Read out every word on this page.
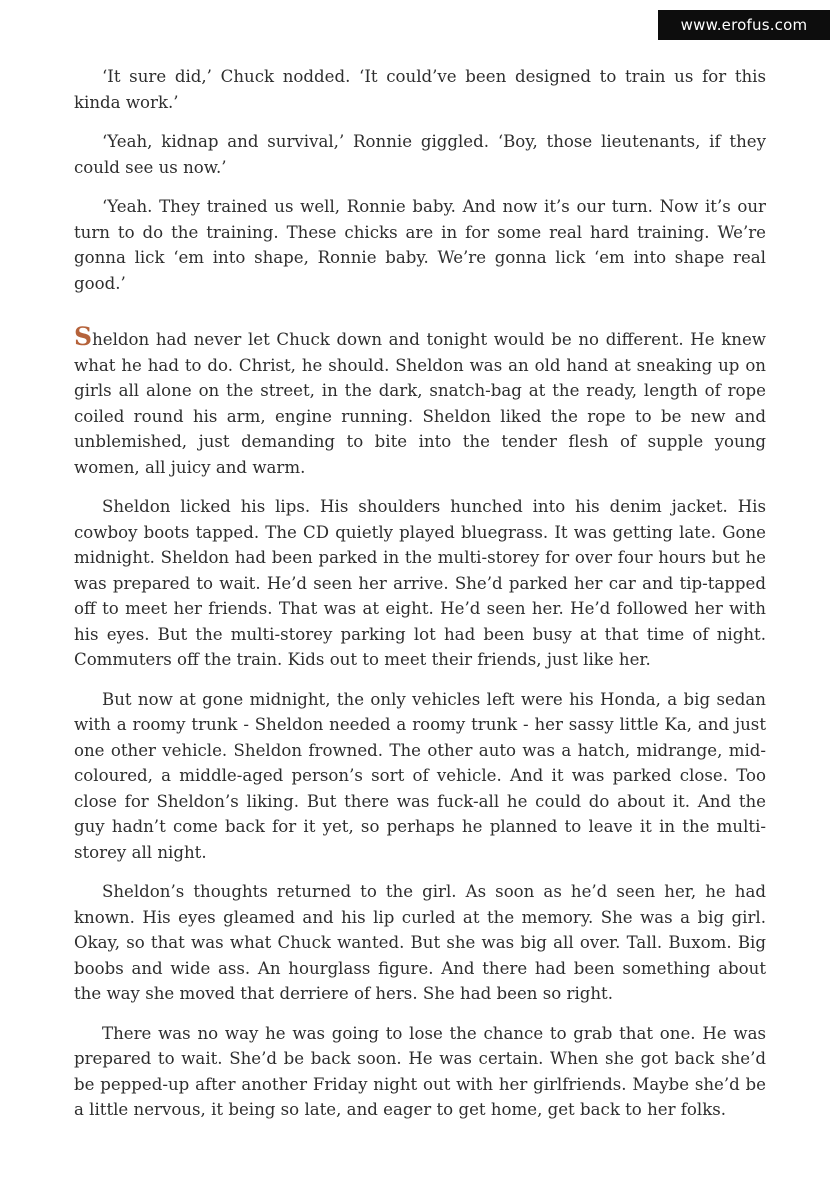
www.erofus.com

‘It sure did,’ Chuck nodded. ‘It could’ve been designed to train us for this kinda work.’

‘Yeah, kidnap and survival,’ Ronnie giggled. ‘Boy, those lieutenants, if they could see us now.’

‘Yeah. They trained us well, Ronnie baby. And now it’s our turn. Now it’s our turn to do the training. These chicks are in for some real hard training. We’re gonna lick ‘em into shape, Ronnie baby. We’re gonna lick ‘em into shape real good.’

Sheldon had never let Chuck down and tonight would be no different. He knew what he had to do. Christ, he should. Sheldon was an old hand at sneaking up on girls all alone on the street, in the dark, snatch-bag at the ready, length of rope coiled round his arm, engine running. Sheldon liked the rope to be new and unblemished, just demanding to bite into the tender flesh of supple young women, all juicy and warm.

Sheldon licked his lips. His shoulders hunched into his denim jacket. His cowboy boots tapped. The CD quietly played bluegrass. It was getting late. Gone midnight. Sheldon had been parked in the multi-storey for over four hours but he was prepared to wait. He’d seen her arrive. She’d parked her car and tip-tapped off to meet her friends. That was at eight. He’d seen her. He’d followed her with his eyes. But the multi-storey parking lot had been busy at that time of night. Commuters off the train. Kids out to meet their friends, just like her.

But now at gone midnight, the only vehicles left were his Honda, a big sedan with a roomy trunk - Sheldon needed a roomy trunk - her sassy little Ka, and just one other vehicle. Sheldon frowned. The other auto was a hatch, midrange, mid-coloured, a middle-aged person’s sort of vehicle. And it was parked close. Too close for Sheldon’s liking. But there was fuck-all he could do about it. And the guy hadn’t come back for it yet, so perhaps he planned to leave it in the multi-storey all night.

Sheldon’s thoughts returned to the girl. As soon as he’d seen her, he had known. His eyes gleamed and his lip curled at the memory. She was a big girl. Okay, so that was what Chuck wanted. But she was big all over. Tall. Buxom. Big boobs and wide ass. An hourglass figure. And there had been something about the way she moved that derriere of hers. She had been so right.

There was no way he was going to lose the chance to grab that one. He was prepared to wait. She’d be back soon. He was certain. When she got back she’d be pepped-up after another Friday night out with her girlfriends. Maybe she’d be a little nervous, it being so late, and eager to get home, get back to her folks.
